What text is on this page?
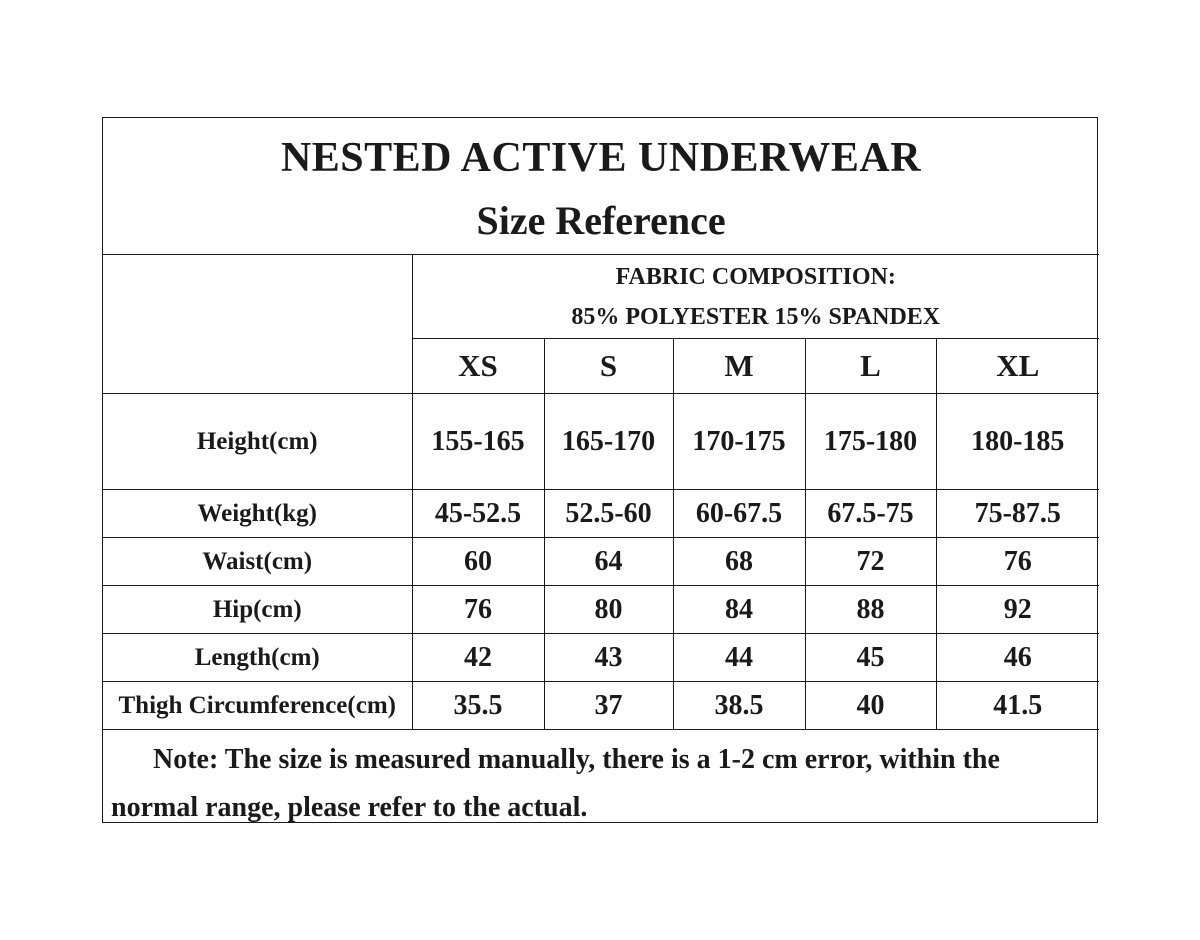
NESTED ACTIVE UNDERWEAR
Size Reference					

	FABRIC COMPOSITION:
85% POLYESTER 15% SPANDEX				

	XS	S	M	L	XL
Height(cm)	155-165	165-170	170-175	175-180	180-185
Weight(kg)	45-52.5	52.5-60	60-67.5	67.5-75	75-87.5
Waist(cm)	60	64	68	72	76
Hip(cm)	76	80	84	88	92
Length(cm)	42	43	44	45	46
Thigh Circumference(cm)	35.5	37	38.5	40	41.5
Note: The size is measured manually, there is a 1-2 cm error, within the normal range, please refer to the actual.					
